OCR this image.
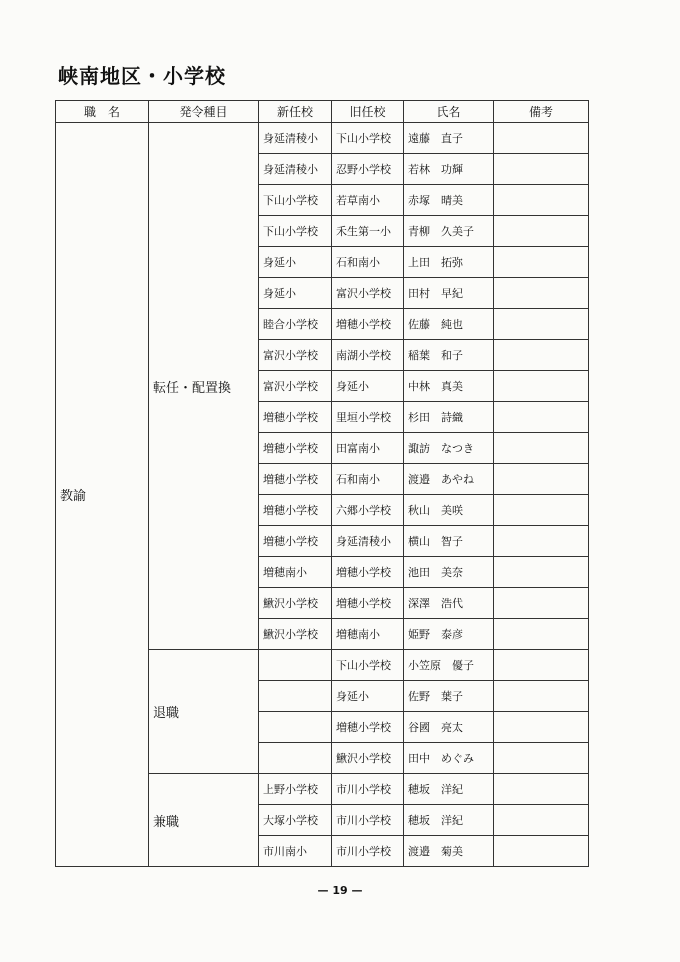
峡南地区・小学校
職　名	発令種目	新任校	旧任校	氏名	備考
教諭	転任・配置換	身延清稜小	下山小学校	遠藤　直子	
		身延清稜小	忍野小学校	若林　功輝	
		下山小学校	若草南小	赤塚　晴美	
		下山小学校	禾生第一小	青柳　久美子	
		身延小	石和南小	上田　拓弥	
		身延小	富沢小学校	田村　早紀	
		睦合小学校	増穂小学校	佐藤　純也	
		富沢小学校	南湖小学校	稲葉　和子	
		富沢小学校	身延小	中林　真美	
		増穂小学校	里垣小学校	杉田　詩織	
		増穂小学校	田富南小	諏訪　なつき	
		増穂小学校	石和南小	渡邉　あやね	
		増穂小学校	六郷小学校	秋山　美咲	
		増穂小学校	身延清稜小	横山　智子	
		増穂南小	増穂小学校	池田　美奈	
		鰍沢小学校	増穂小学校	深澤　浩代	
		鰍沢小学校	増穂南小	姫野　泰彦	
	退職		下山小学校	小笠原　優子	
			身延小	佐野　葉子	
			増穂小学校	谷國　亮太	
			鰍沢小学校	田中　めぐみ	
	兼職	上野小学校	市川小学校	穂坂　洋紀	
		大塚小学校	市川小学校	穂坂　洋紀	
		市川南小	市川小学校	渡邉　菊美	
— 19 —
